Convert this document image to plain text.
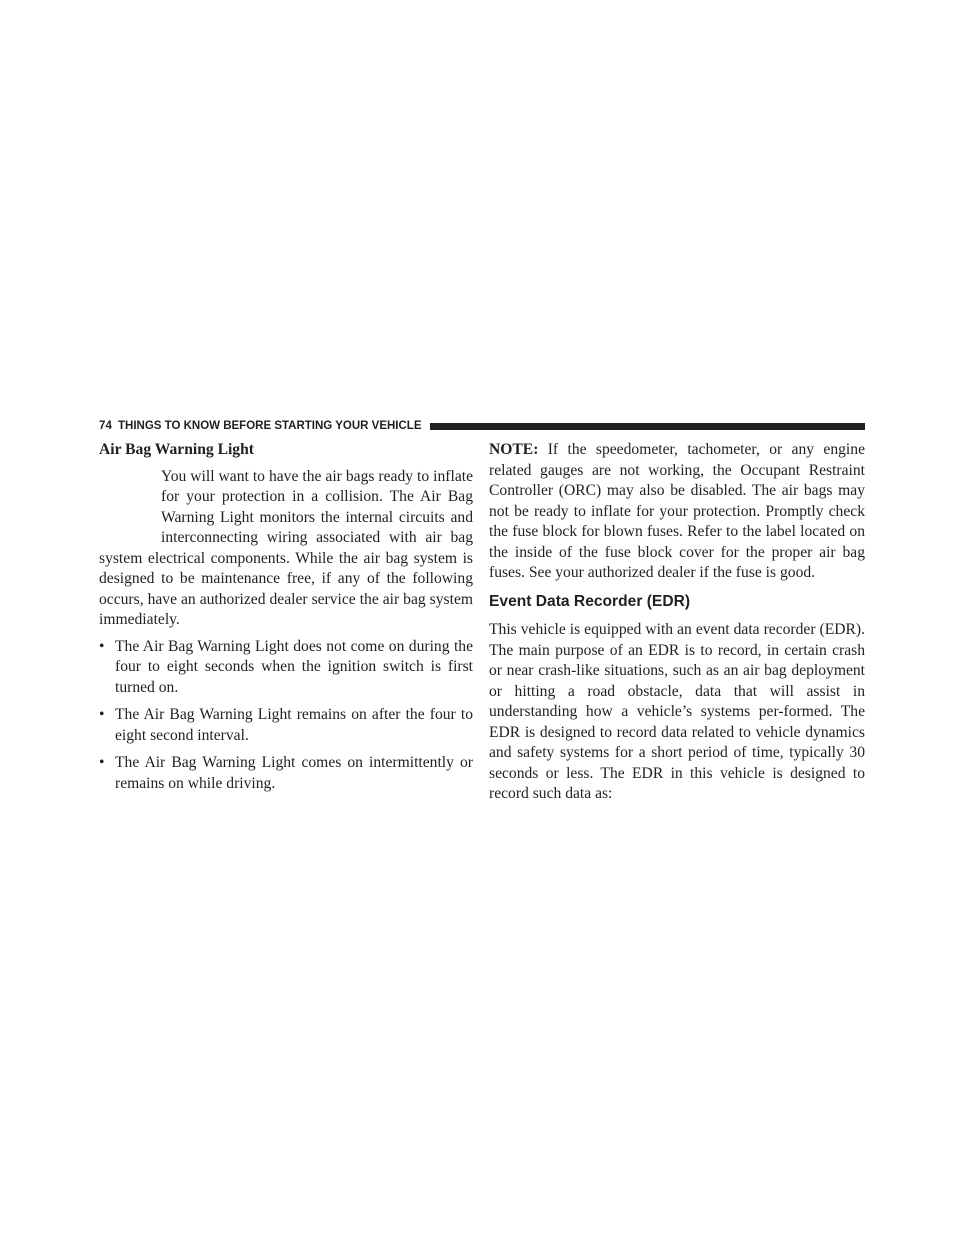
74 THINGS TO KNOW BEFORE STARTING YOUR VEHICLE
Air Bag Warning Light

You will want to have the air bags ready to inflate for your protection in a collision. The Air Bag Warning Light monitors the internal circuits and interconnecting wiring associated with air bag system electrical components. While the air bag system is designed to be maintenance free, if any of the following occurs, have an authorized dealer service the air bag system immediately.

• The Air Bag Warning Light does not come on during the four to eight seconds when the ignition switch is first turned on.
• The Air Bag Warning Light remains on after the four to eight second interval.
• The Air Bag Warning Light comes on intermittently or remains on while driving.

NOTE: If the speedometer, tachometer, or any engine related gauges are not working, the Occupant Restraint Controller (ORC) may also be disabled. The air bags may not be ready to inflate for your protection. Promptly check the fuse block for blown fuses. Refer to the label located on the inside of the fuse block cover for the proper air bag fuses. See your authorized dealer if the fuse is good.

Event Data Recorder (EDR)

This vehicle is equipped with an event data recorder (EDR). The main purpose of an EDR is to record, in certain crash or near crash-like situations, such as an air bag deployment or hitting a road obstacle, data that will assist in understanding how a vehicle’s systems per-formed. The EDR is designed to record data related to vehicle dynamics and safety systems for a short period of time, typically 30 seconds or less. The EDR in this vehicle is designed to record such data as:
